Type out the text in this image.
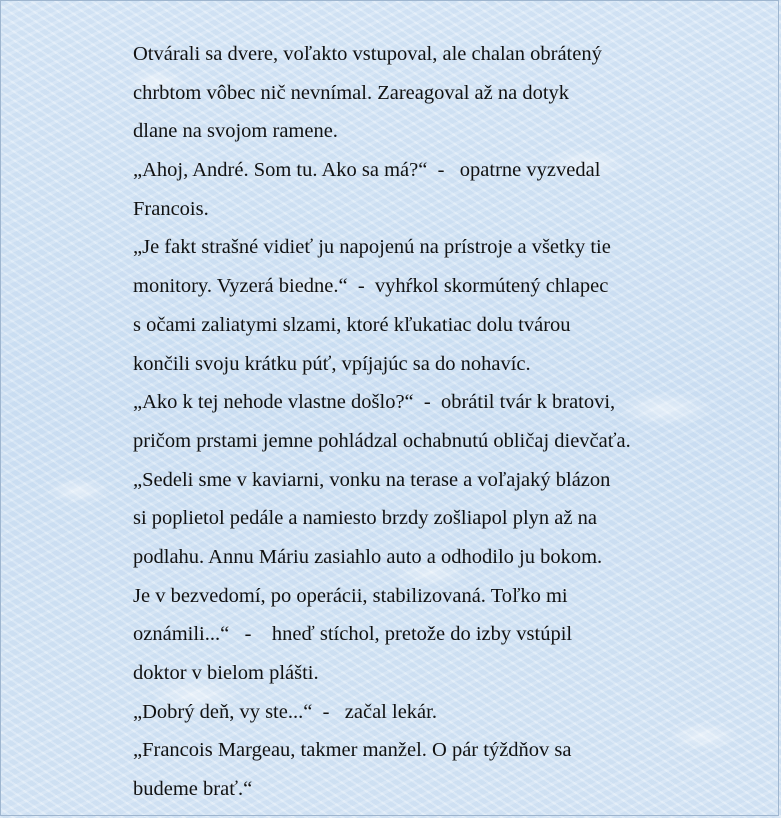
Otvárali sa dvere, voľakto vstupoval, ale chalan obrátený
chrbtom vôbec nič nevnímal. Zareagoval až na dotyk
dlane na svojom ramene.
„Ahoj, André. Som tu. Ako sa má?“  -   opatrne vyzvedal
Francois.
„Je fakt strašné vidieť ju napojenú na prístroje a všetky tie
monitory. Vyzerá biedne.“  -  vyhŕkol skormútený chlapec
s očami zaliatymi slzami, ktoré kľukatiac dolu tvárou
končili svoju krátku púť, vpíjajúc sa do nohavíc.
„Ako k tej nehode vlastne došlo?“  -  obrátil tvár k bratovi,
pričom prstami jemne pohládzal ochabnutú obličaj dievčaťa.
„Sedeli sme v kaviarni, vonku na terase a voľajaký blázon
si poplietol pedále a namiesto brzdy zošliapol plyn až na
podlahu. Annu Máriu zasiahlo auto a odhodilo ju bokom.
Je v bezvedomí, po operácii, stabilizovaná. Toľko mi
oznámili...“   -    hneď stíchol, pretože do izby vstúpil
doktor v bielom plášti.
„Dobrý deň, vy ste...“  -   začal lekár.
„Francois Margeau, takmer manžel. O pár týždňov sa
budeme brať.“
